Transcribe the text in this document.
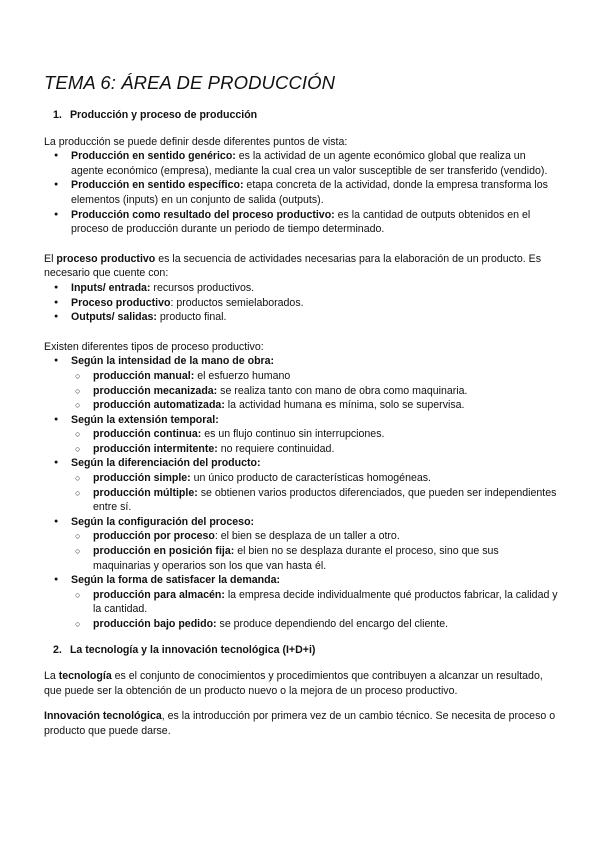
TEMA 6: ÁREA DE PRODUCCIÓN
1. Producción y proceso de producción

La producción se puede definir desde diferentes puntos de vista:

● Producción en sentido genérico: es la actividad de un agente económico global que realiza un agente económico (empresa), mediante la cual crea un valor susceptible de ser transferido (vendido).
● Producción en sentido específico: etapa concreta de la actividad, donde la empresa transforma los elementos (inputs) en un conjunto de salida (outputs).
● Producción como resultado del proceso productivo: es la cantidad de outputs obtenidos en el proceso de producción durante un periodo de tiempo determinado.

El proceso productivo es la secuencia de actividades necesarias para la elaboración de un producto. Es necesario que cuente con:

● Inputs/ entrada: recursos productivos.
● Proceso productivo: productos semielaborados.
● Outputs/ salidas: producto final.

Existen diferentes tipos de proceso productivo:

● Según la intensidad de la mano de obra:
○ producción manual: el esfuerzo humano
○ producción mecanizada: se realiza tanto con mano de obra como maquinaria.
○ producción automatizada: la actividad humana es mínima, solo se supervisa.
● Según la extensión temporal:
○ producción continua: es un flujo continuo sin interrupciones.
○ producción intermitente: no requiere continuidad.
● Según la diferenciación del producto:
○ producción simple: un único producto de características homogéneas.
○ producción múltiple: se obtienen varios productos diferenciados, que pueden ser independientes entre sí.
● Según la configuración del proceso:
○ producción por proceso: el bien se desplaza de un taller a otro.
○ producción en posición fija: el bien no se desplaza durante el proceso, sino que sus maquinarias y operarios son los que van hasta él.
● Según la forma de satisfacer la demanda:
○ producción para almacén: la empresa decide individualmente qué productos fabricar, la calidad y la cantidad.
○ producción bajo pedido: se produce dependiendo del encargo del cliente.
2. La tecnología y la innovación tecnológica (I+D+i)

La tecnología es el conjunto de conocimientos y procedimientos que contribuyen a alcanzar un resultado, que puede ser la obtención de un producto nuevo o la mejora de un proceso productivo.

Innovación tecnológica, es la introducción por primera vez de un cambio técnico. Se necesita de proceso o producto que puede darse.
